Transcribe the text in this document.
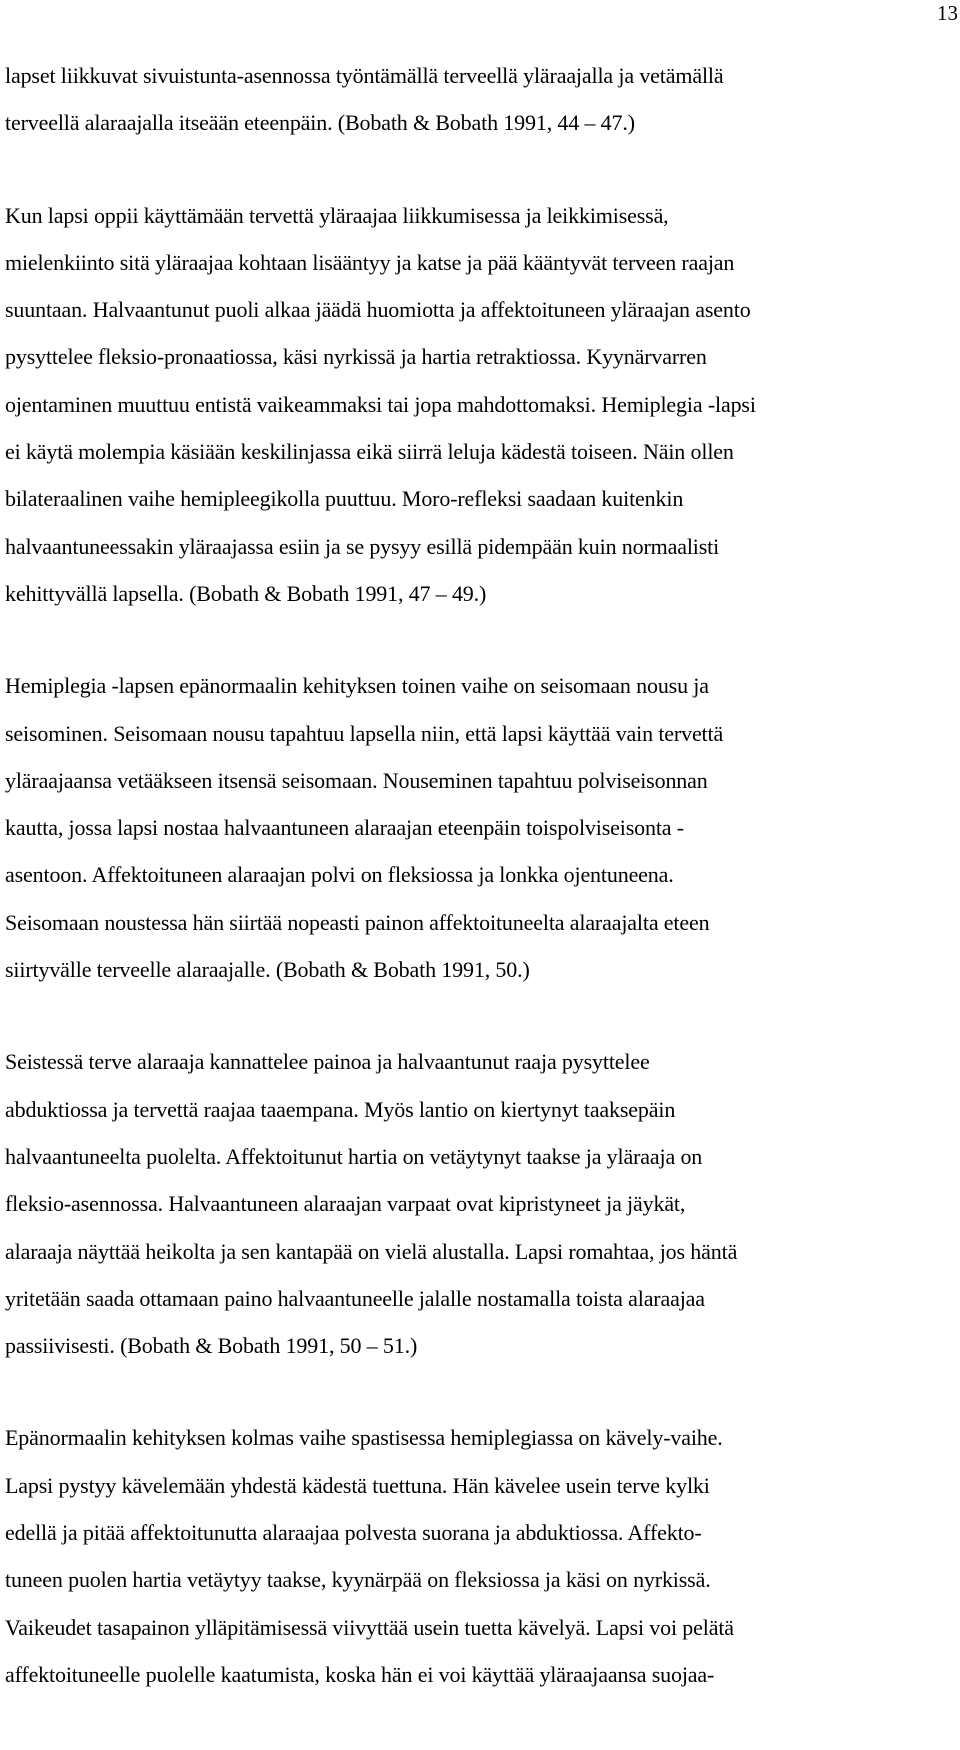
13
lapset liikkuvat sivuistunta-asennossa työntämällä terveellä yläraajalla ja vetämällä
terveellä alaraajalla itseään eteenpäin. (Bobath & Bobath 1991, 44 – 47.)
Kun lapsi oppii käyttämään tervettä yläraajaa liikkumisessa ja leikkimisessä,
mielenkiinto sitä yläraajaa kohtaan lisääntyy ja katse ja pää kääntyvät terveen raajan
suuntaan. Halvaantunut puoli alkaa jäädä huomiotta ja affektoituneen yläraajan asento
pysyttelee fleksio-pronaatiossa, käsi nyrkissä ja hartia retraktiossa. Kyynärvarren
ojentaminen muuttuu entistä vaikeammaksi tai jopa mahdottomaksi. Hemiplegia -lapsi
ei käytä molempia käsiään keskilinjassa eikä siirrä leluja kädestä toiseen. Näin ollen
bilateraalinen vaihe hemipleegikolla puuttuu. Moro-refleksi saadaan kuitenkin
halvaantuneessakin yläraajassa esiin ja se pysyy esillä pidempään kuin normaalisti
kehittyvällä lapsella. (Bobath & Bobath 1991, 47 – 49.)
Hemiplegia -lapsen epänormaalin kehityksen toinen vaihe on seisomaan nousu ja
seisominen. Seisomaan nousu tapahtuu lapsella niin, että lapsi käyttää vain tervettä
yläraajaansa vetääkseen itsensä seisomaan. Nouseminen tapahtuu polviseisonnan
kautta, jossa lapsi nostaa halvaantuneen alaraajan eteenpäin toispolviseisonta -
asentoon. Affektoituneen alaraajan polvi on fleksiossa ja lonkka ojentuneena.
Seisomaan noustessa hän siirtää nopeasti painon affektoituneelta alaraajalta eteen
siirtyvälle terveelle alaraajalle. (Bobath & Bobath 1991, 50.)
Seistessä terve alaraaja kannattelee painoa ja halvaantunut raaja pysyttelee
abduktiossa ja tervettä raajaa taaempana. Myös lantio on kiertynyt taaksepäin
halvaantuneelta puolelta. Affektoitunut hartia on vetäytynyt taakse ja yläraaja on
fleksio-asennossa. Halvaantuneen alaraajan varpaat ovat kipristyneet ja jäykät,
alaraaja näyttää heikolta ja sen kantapää on vielä alustalla. Lapsi romahtaa, jos häntä
yritetään saada ottamaan paino halvaantuneelle jalalle nostamalla toista alaraajaa
passiivisesti. (Bobath & Bobath 1991, 50 – 51.)
Epänormaalin kehityksen kolmas vaihe spastisessa hemiplegiassa on kävely-vaihe.
Lapsi pystyy kävelemään yhdestä kädestä tuettuna. Hän kävelee usein terve kylki
edellä ja pitää affektoitunutta alaraajaa polvesta suorana ja abduktiossa. Affekto-
tuneen puolen hartia vetäytyy taakse, kyynärpää on fleksiossa ja käsi on nyrkissä.
Vaikeudet tasapainon ylläpitämisessä viivyttää usein tuetta kävelyä. Lapsi voi pelätä
affektoituneelle puolelle kaatumista, koska hän ei voi käyttää yläraajaansa suojaa-
